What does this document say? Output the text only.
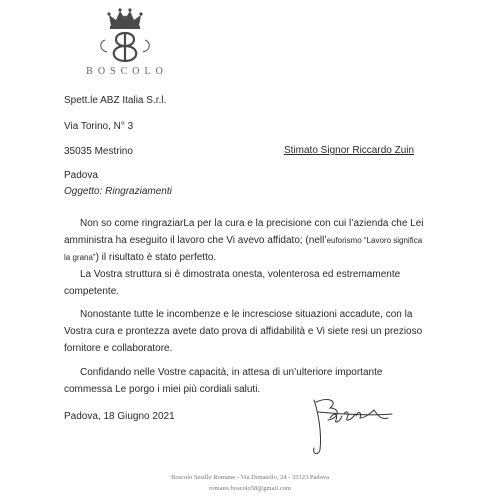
BOSCOLO
Spett.le ABZ Italia S.r.l.
Via Torino, N° 3
35035 Mestrino
Padova
Stimato Signor Riccardo Zuin
Oggetto: Ringraziamenti
Non so come ringraziarLa per la cura e la precisione con cui l’azienda che Lei
amministra ha eseguito il lavoro che Vi avevo affidato; (nell’euforismo “Lavoro significa
la grana”) il risultato è stato perfetto.
La Vostra struttura si è dimostrata onesta, volenterosa ed estremamente
competente.
Nonostante tutte le incombenze e le incresciose situazioni accadute, con la
Vostra cura e prontezza avete dato prova di affidabilità e Vi siete resi un prezioso
fornitore e collaboratore.
Confidando nelle Vostre capacità, in attesa di un’ulteriore importante
commessa Le porgo i miei più cordiali saluti.
Padova, 18 Giugno 2021
Boscolo Sesillo Romano - Via Donatello, 24 - 35123 Padova
romano.boscolo58@gmail.com
